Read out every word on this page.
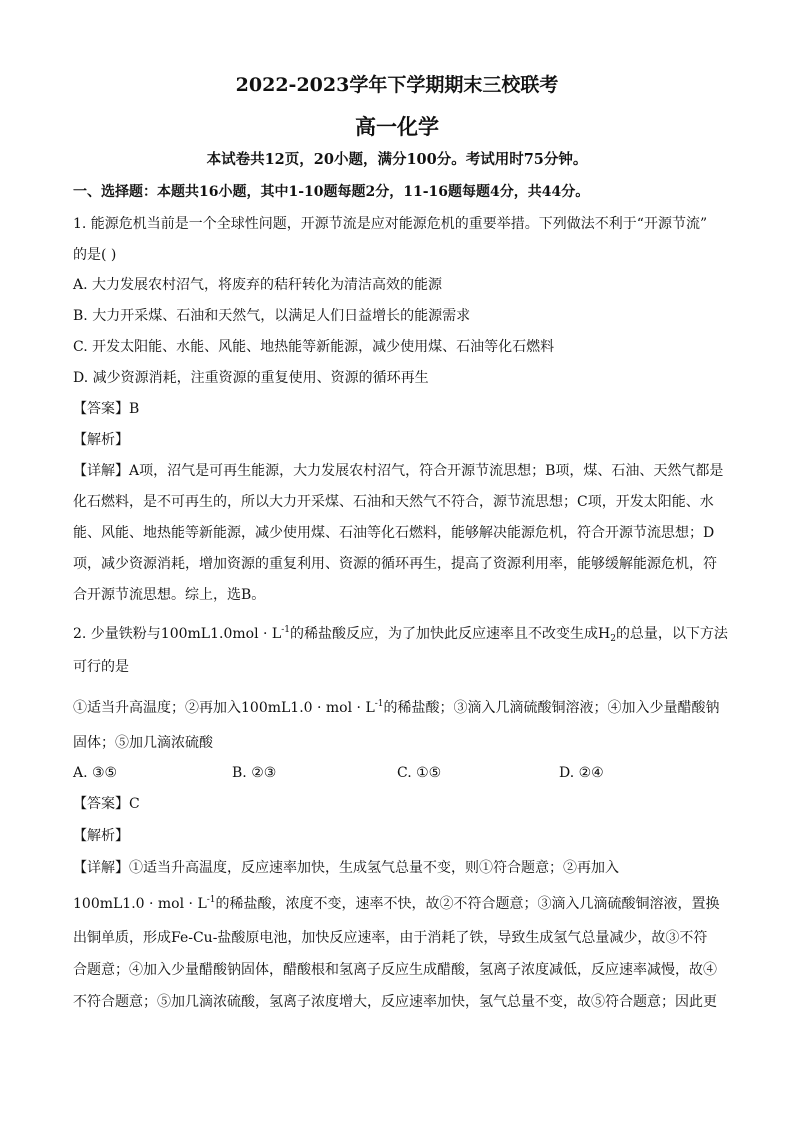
2022-2023学年下学期期末三校联考
高一化学
本试卷共12页，20小题，满分100分。考试用时75分钟。
一、选择题：本题共16小题，其中1-10题每题2分，11-16题每题4分，共44分。
1. 能源危机当前是一个全球性问题，开源节流是应对能源危机的重要举措。下列做法不利于“开源节流”
的是( )
A. 大力发展农村沼气，将废弃的秸秆转化为清洁高效的能源
B. 大力开采煤、石油和天然气，以满足人们日益增长的能源需求
C. 开发太阳能、水能、风能、地热能等新能源，减少使用煤、石油等化石燃料
D. 减少资源消耗，注重资源的重复使用、资源的循环再生
【答案】B
【解析】
【详解】A项，沼气是可再生能源，大力发展农村沼气，符合开源节流思想；B项，煤、石油、天然气都是
化石燃料，是不可再生的，所以大力开采煤、石油和天然气不符合，源节流思想；C项，开发太阳能、水
能、风能、地热能等新能源，减少使用煤、石油等化石燃料，能够解决能源危机，符合开源节流思想；D
项，减少资源消耗，增加资源的重复利用、资源的循环再生，提高了资源利用率，能够缓解能源危机，符
合开源节流思想。综上，选B。
2. 少量铁粉与$100mL1.0mol \cdot L^{-1}$的稀盐酸反应，为了加快此反应速率且不改变生成$H_2$的总量，以下方法
可行的是
①适当升高温度；②再加入100mL1.0 · mol · $L^{-1}$的稀盐酸；③滴入几滴硫酸铜溶液；④加入少量醋酸钠
固体；⑤加几滴浓硫酸
A. ③⑤	B. ②③	C. ①⑤	D. ②④
【答案】C
【解析】
【详解】①适当升高温度，反应速率加快，生成氢气总量不变，则①符合题意；②再加入
100mL1.0 · mol · $L^{-1}$的稀盐酸，浓度不变，速率不快，故②不符合题意；③滴入几滴硫酸铜溶液，置换
出铜单质，形成Fe-Cu-盐酸原电池，加快反应速率，由于消耗了铁，导致生成氢气总量减少，故③不符
合题意；④加入少量醋酸钠固体，醋酸根和氢离子反应生成醋酸，氢离子浓度减低，反应速率减慢，故④
不符合题意；⑤加几滴浓硫酸，氢离子浓度增大，反应速率加快，氢气总量不变，故⑤符合题意；因此更
